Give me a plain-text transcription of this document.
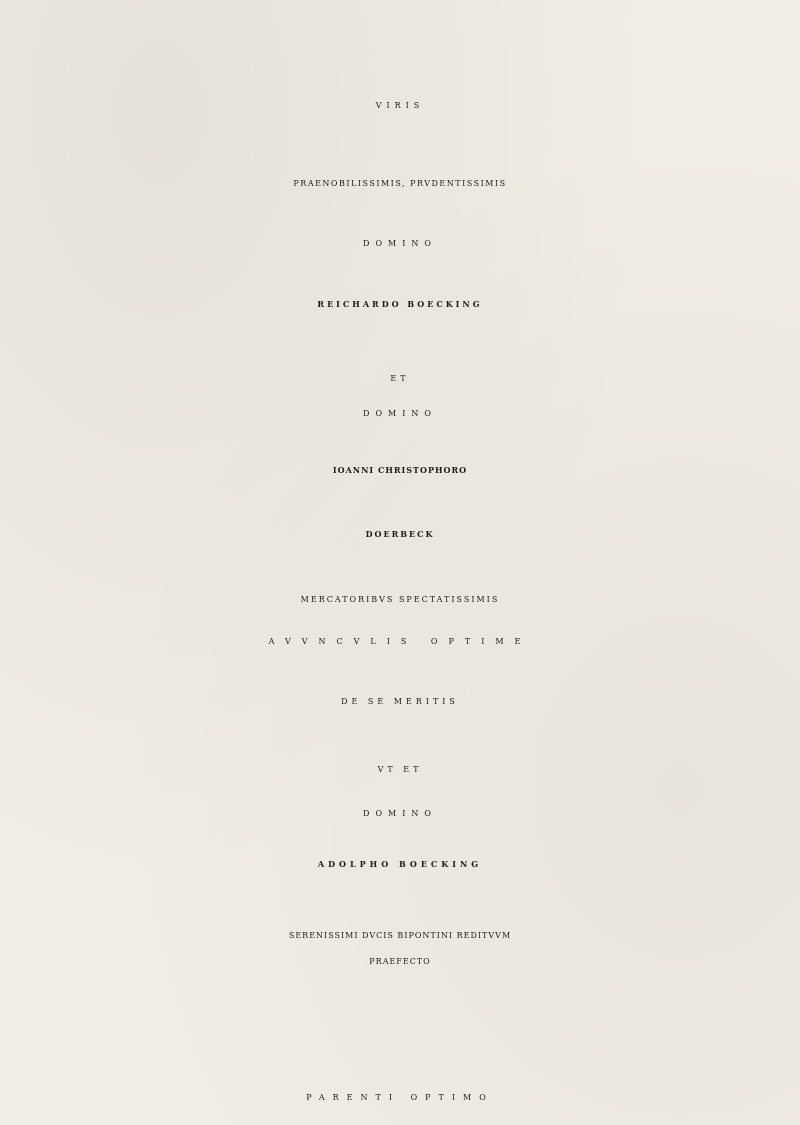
VIRIS
PRAENOBILISSIMIS, PRVDENTISSIMIS
DOMINO
REICHARDO BOECKING
ET
DOMINO
IOANNI CHRISTOPHORO
DOERBECK
MERCATORIBVS SPECTATISSIMIS
AVVNCVLIS OPTIME
DE SE MERITIS
VT ET
DOMINO
ADOLPHO BOECKING
SERENISSIMI DVCIS BIPONTINI REDITVVM
PRAEFECTO
PARENTI OPTIMO
